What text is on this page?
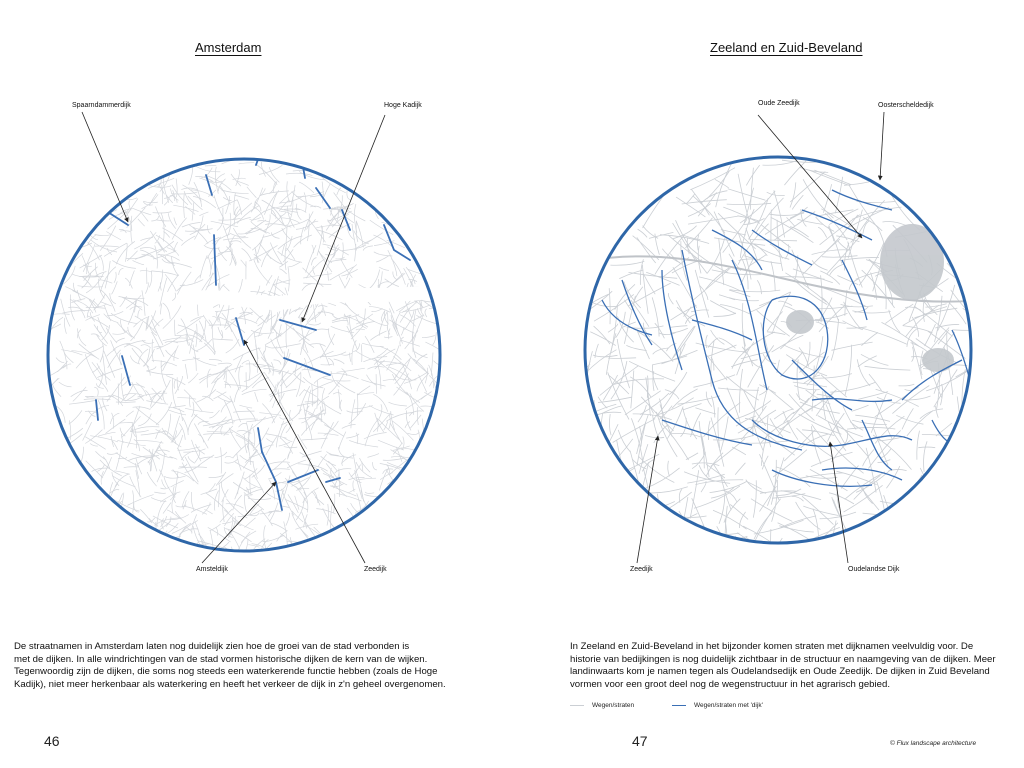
Amsterdam
Spaarndammerdijk	Hoge Kadijk
Amsteldijk	Zeedijk
De straatnamen in Amsterdam laten nog duidelijk zien hoe de groei van de stad verbonden is
met de dijken. In alle windrichtingen van de stad vormen historische dijken de kern van de wijken.
Tegenwoordig zijn de dijken, die soms nog steeds een waterkerende functie hebben (zoals de Hoge
Kadijk), niet meer herkenbaar als waterkering en heeft het verkeer de dijk in z'n geheel overgenomen.
46
Zeeland en Zuid-Beveland
Oude Zeedijk	Oosterscheldedijk
Zeedijk	Oudelandse Dijk
In Zeeland en Zuid-Beveland in het bijzonder komen straten met dijknamen veelvuldig voor. De
historie van bedijkingen is nog duidelijk zichtbaar in de structuur en naamgeving van de dijken. Meer
landinwaarts kom je namen tegen als Oudelandsedijk en Oude Zeedijk. De dijken in Zuid Beveland
vormen voor een groot deel nog de wegenstructuur in het agrarisch gebied.
Wegen/straten	Wegen/straten met 'dijk'
47	© Flux landscape architecture
